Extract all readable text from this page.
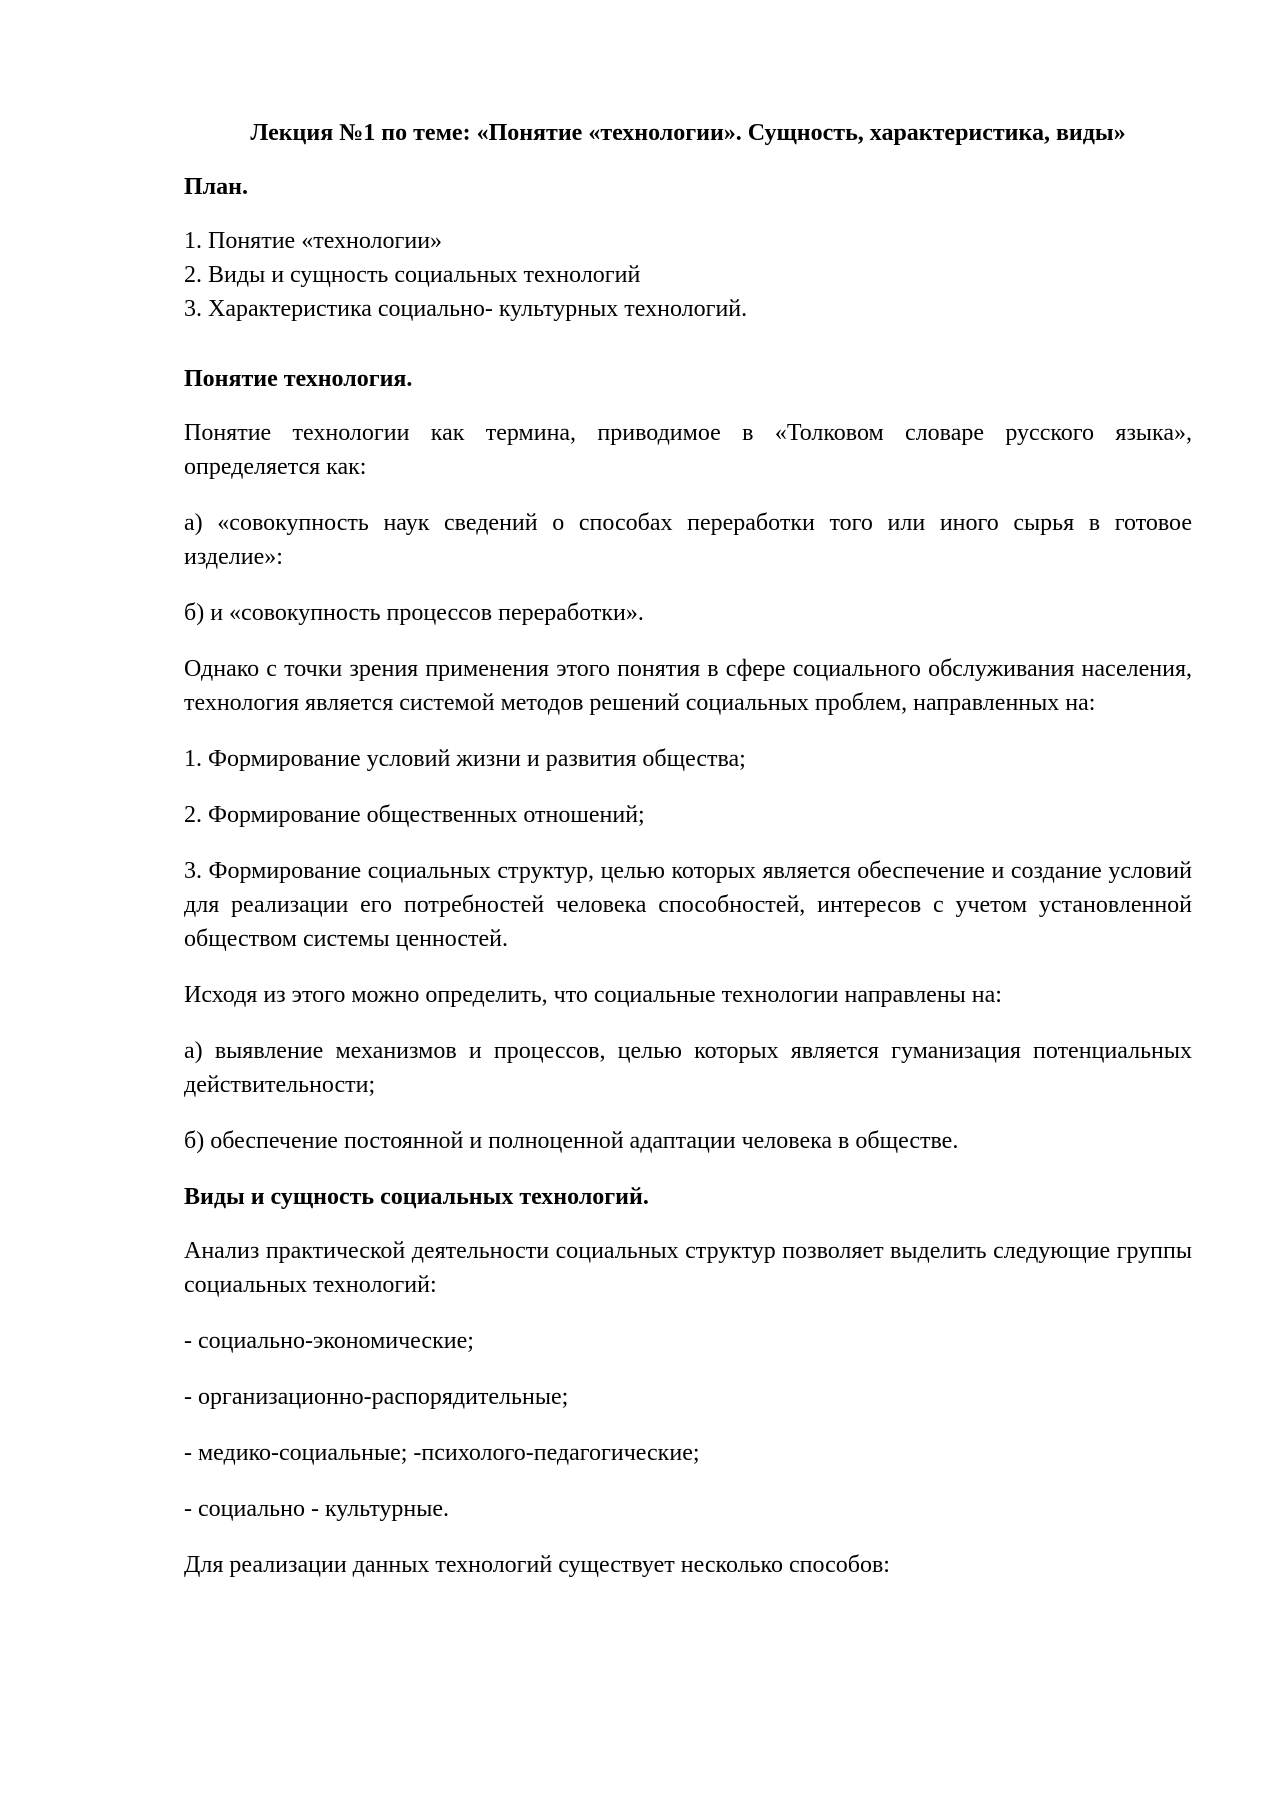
Лекция №1 по теме: «Понятие «технологии». Сущность, характеристика, виды»

План.

1. Понятие «технологии»
2. Виды и сущность социальных технологий
3. Характеристика социально- культурных технологий.

Понятие технология.

Понятие технологии как термина, приводимое в «Толковом словаре русского языка», определяется как:

а) «совокупность наук сведений о способах переработки того или иного сырья в готовое изделие»:

б) и «совокупность процессов переработки».

Однако с точки зрения применения этого понятия в сфере социального обслуживания населения, технология является системой методов решений социальных проблем, направленных на:

1. Формирование условий жизни и развития общества;

2. Формирование общественных отношений;

3. Формирование социальных структур, целью которых является обеспечение и создание условий для реализации его потребностей человека способностей, интересов с учетом установленной обществом системы ценностей.

Исходя из этого можно определить, что социальные технологии направлены на:

а) выявление механизмов и процессов, целью которых является гуманизация потенциальных действительности;

б) обеспечение постоянной и полноценной адаптации человека в обществе.

Виды и сущность социальных технологий.

Анализ практической деятельности социальных структур позволяет выделить следующие группы социальных технологий:

- социально-экономические;

- организационно-распорядительные;

- медико-социальные; -психолого-педагогические;

- социально - культурные.

Для реализации данных технологий существует несколько способов:
